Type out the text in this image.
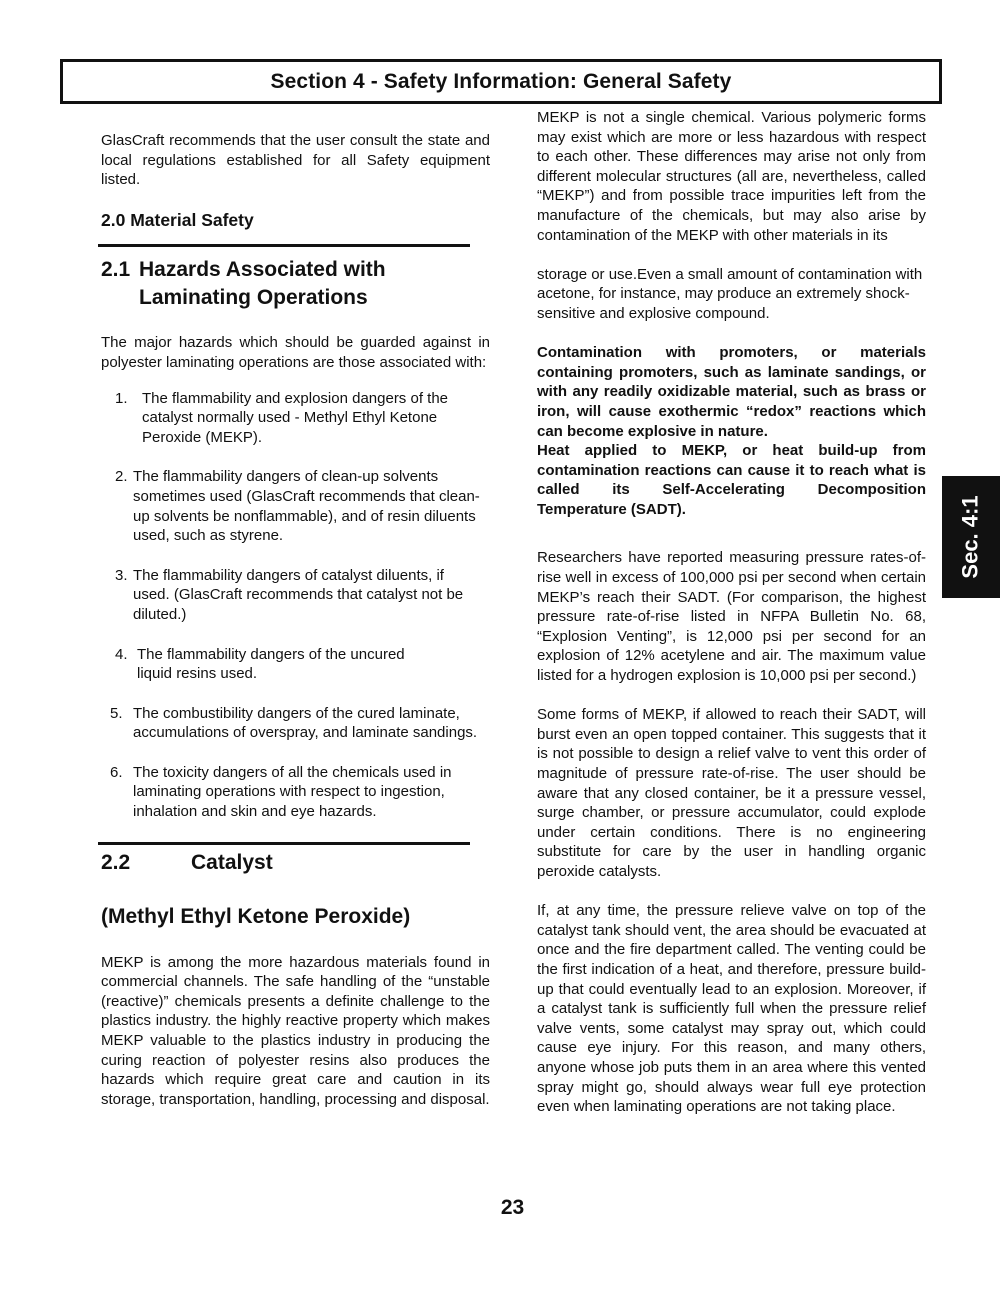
Section 4 - Safety Information: General Safety

GlasCraft recommends that the user consult the state and local regulations established for all Safety equipment listed.

2.0 Material Safety
2.1 Hazards Associated with
Laminating Operations

The major hazards which should be guarded against in polyester laminating operations are those associated with:

1. The flammability and explosion dangers of the catalyst normally used - Methyl Ethyl Ketone Peroxide (MEKP).
2. The flammability dangers of clean-up solvents sometimes used (GlasCraft recommends that clean-up solvents be nonflammable), and of resin diluents used, such as styrene.
3. The flammability dangers of catalyst diluents, if used. (GlasCraft recommends that catalyst not be diluted.)
4. The flammability dangers of the uncured liquid resins used.
5. The combustibility dangers of the cured laminate, accumulations of overspray, and laminate sandings.
6. The toxicity dangers of all the chemicals used in laminating operations with respect to ingestion, inhalation and skin and eye hazards.
2.2	Catalyst
(Methyl Ethyl Ketone Peroxide)

MEKP is among the more hazardous materials found in commercial channels. The safe handling of the “unstable (reactive)” chemicals presents a definite challenge to the plastics industry. the highly reactive property which makes MEKP valuable to the plastics industry in producing the curing reaction of polyester resins also produces the hazards which require great care and caution in its storage, transportation, handling, processing and disposal.

MEKP is not a single chemical. Various polymeric forms may exist which are more or less hazardous with respect to each other. These differences may arise not only from different molecular structures (all are, nevertheless, called “MEKP”) and from possible trace impurities left from the manufacture of the chemicals, but may also arise by contamination of the MEKP with other materials in its

storage or use.Even a small amount of contamination with acetone, for instance, may produce an extremely shock-sensitive and explosive compound.

Contamination with promoters, or materials containing promoters, such as laminate sandings, or with any readily oxidizable material, such as brass or iron, will cause exothermic “redox” reactions which can become explosive in nature.

Heat applied to MEKP, or heat build-up from contamination reactions can cause it to reach what is called its Self-Accelerating Decomposition Temperature (SADT).

Researchers have reported measuring pressure rates-of-rise well in excess of 100,000 psi per second when certain MEKP’s reach their SADT. (For comparison, the highest pressure rate-of-rise listed in NFPA Bulletin No. 68, “Explosion Venting”, is 12,000 psi per second for an explosion of 12% acetylene and air. The maximum value listed for a hydrogen explosion is 10,000 psi per second.)

Some forms of MEKP, if allowed to reach their SADT, will burst even an open topped container. This suggests that it is not possible to design a relief valve to vent this order of magnitude of pressure rate-of-rise. The user should be aware that any closed container, be it a pressure vessel, surge chamber, or pressure accumulator, could explode under certain conditions. There is no engineering substitute for care by the user in handling organic peroxide catalysts.

If, at any time, the pressure relieve valve on top of the catalyst tank should vent, the area should be evacuated at once and the fire department called. The venting could be the first indication of a heat, and therefore, pressure build-up that could eventually lead to an explosion. Moreover, if a catalyst tank is sufficiently full when the pressure relief valve vents, some catalyst may spray out, which could cause eye injury. For this reason, and many others, anyone whose job puts them in an area where this vented spray might go, should always wear full eye protection even when laminating operations are not taking place.

Sec. 4:1
23
